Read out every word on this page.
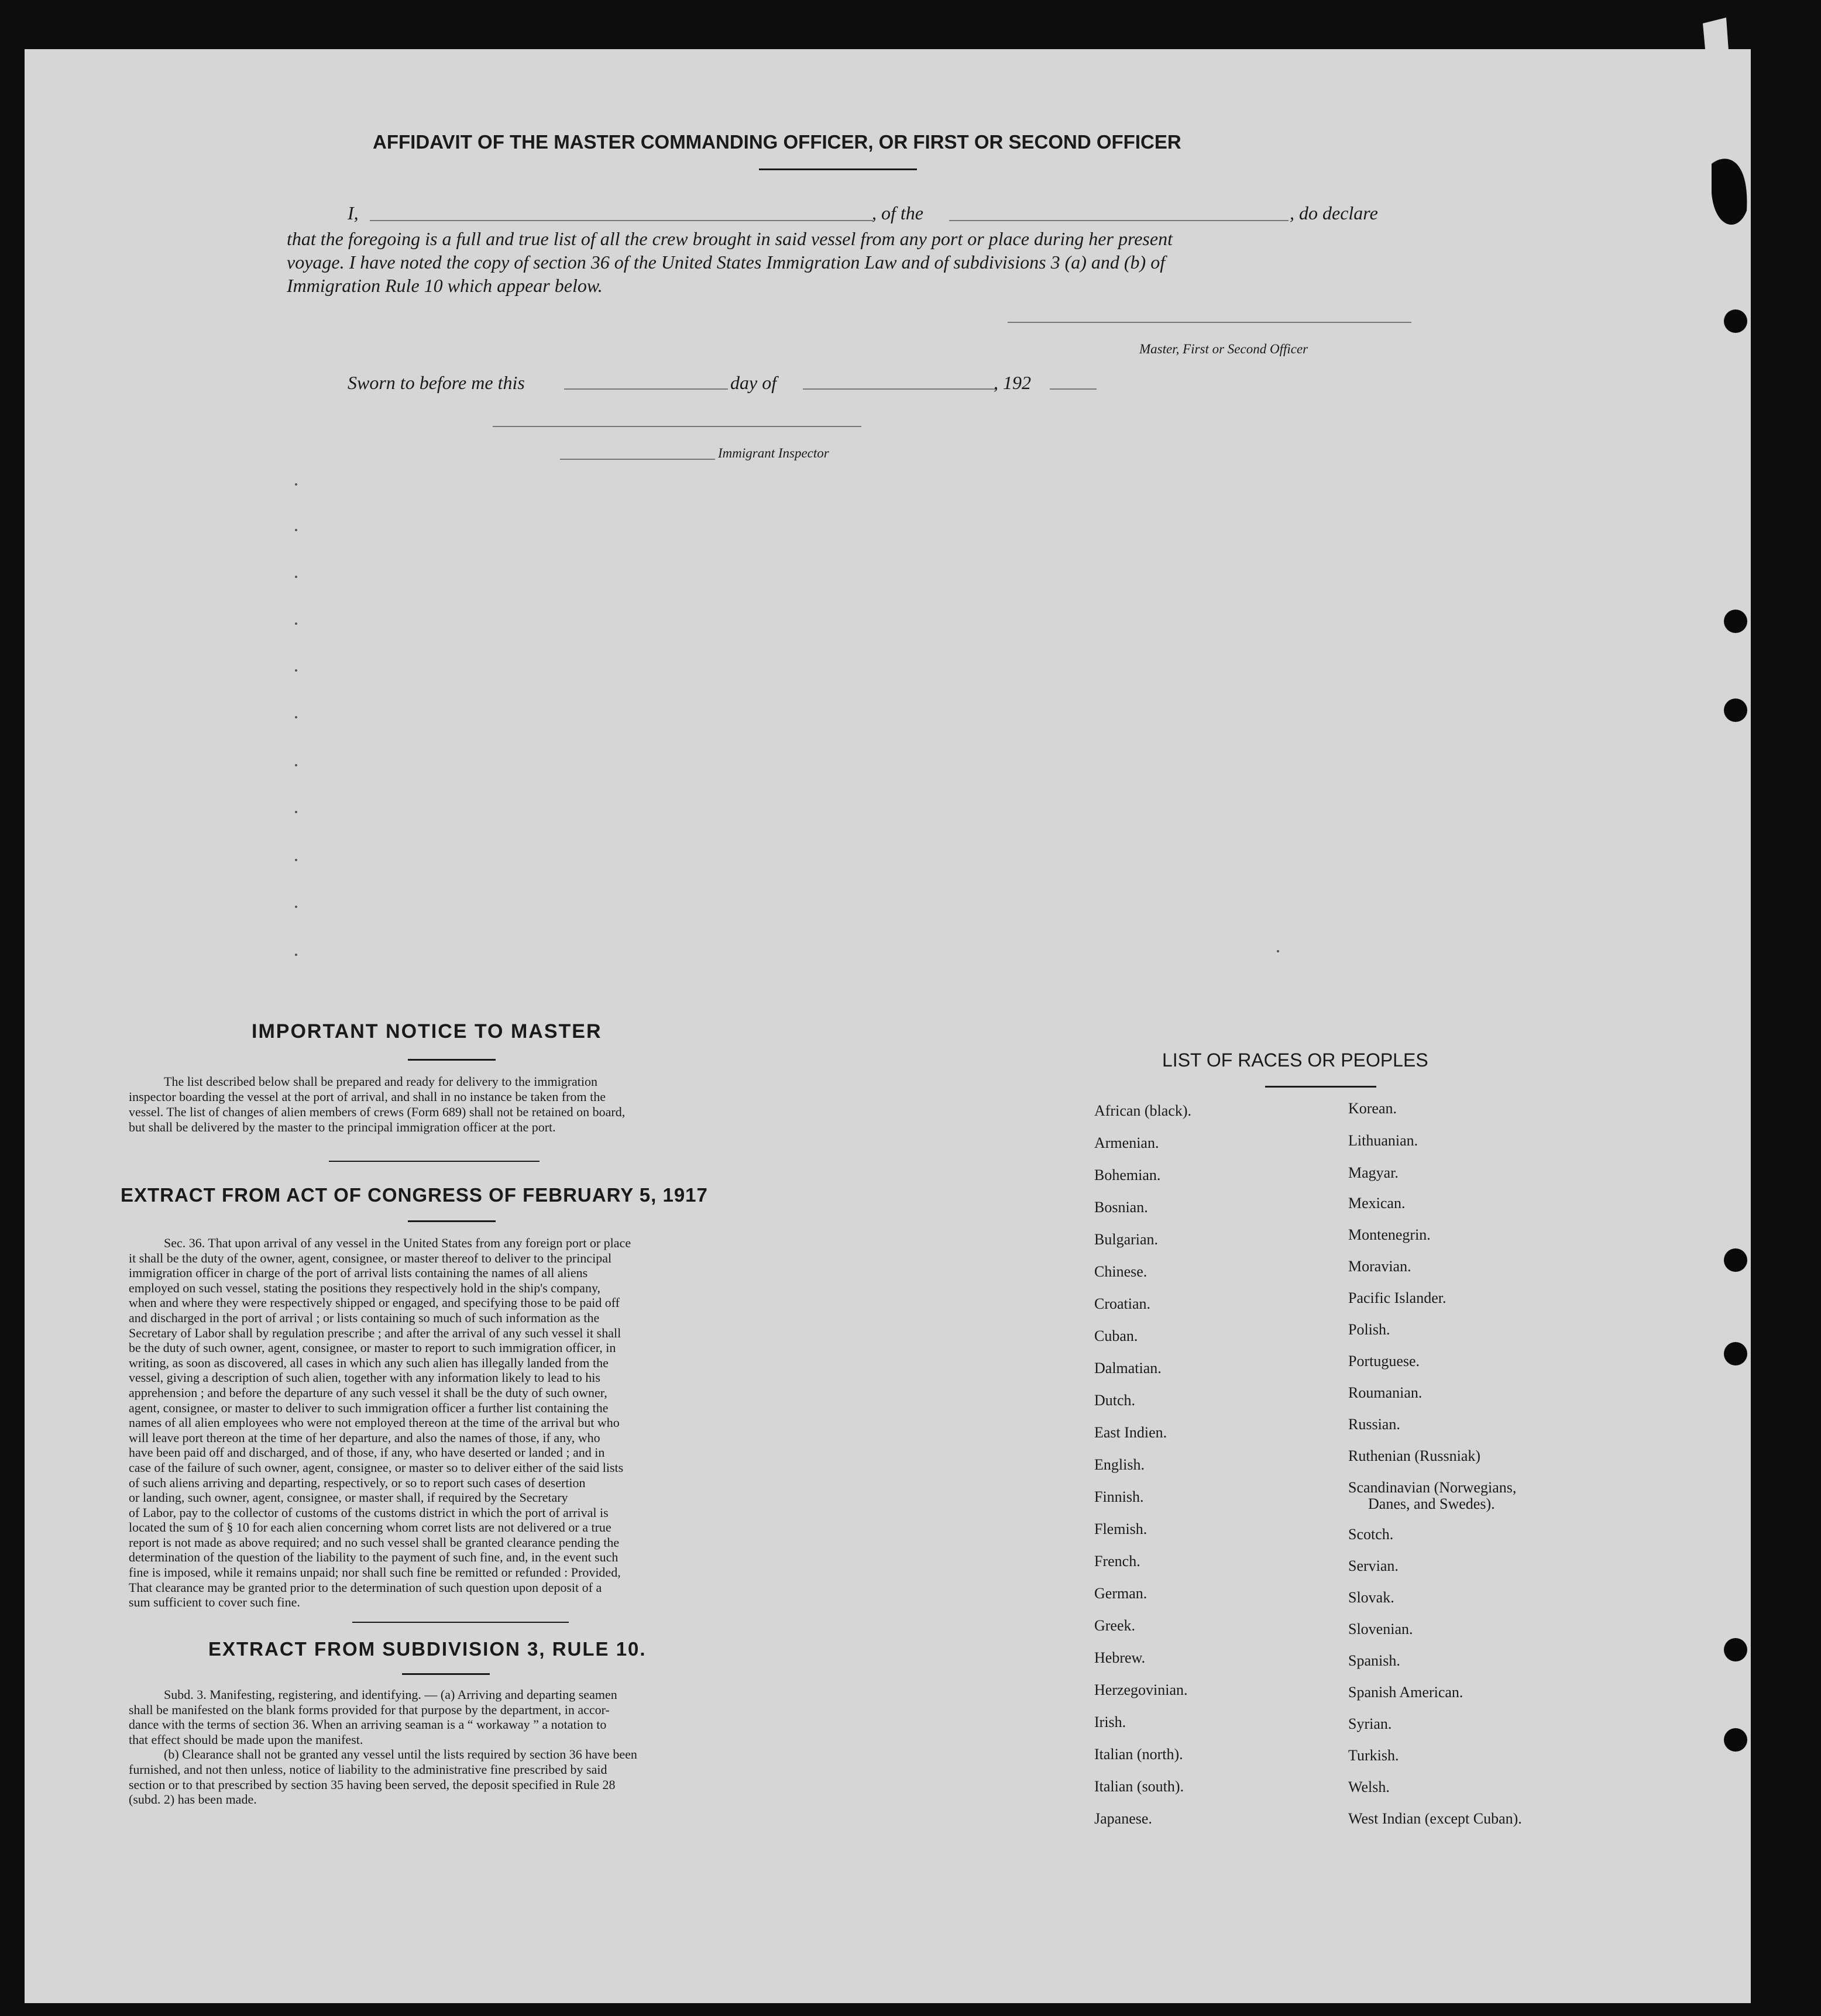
AFFIDAVIT OF THE MASTER COMMANDING OFFICER, OR FIRST OR SECOND OFFICER
I,	, of the	, do declare
that the foregoing is a full and true list of all the crew brought in said vessel from any port or place during her present
voyage. I have noted the copy of section 36 of the United States Immigration Law and of subdivisions 3 (a) and (b) of
Immigration Rule 10 which appear below.
Master, First or Second Officer
Sworn to before me this	day of	, 192
Immigrant Inspector
IMPORTANT NOTICE TO MASTER
The list described below shall be prepared and ready for delivery to the immigration
inspector boarding the vessel at the port of arrival, and shall in no instance be taken from the
vessel. The list of changes of alien members of crews (Form 689) shall not be retained on board,
but shall be delivered by the master to the principal immigration officer at the port.
EXTRACT FROM ACT OF CONGRESS OF FEBRUARY 5, 1917
Sec. 36. That upon arrival of any vessel in the United States from any foreign port or place
it shall be the duty of the owner, agent, consignee, or master thereof to deliver to the principal
immigration officer in charge of the port of arrival lists containing the names of all aliens
employed on such vessel, stating the positions they respectively hold in the ship's company,
when and where they were respectively shipped or engaged, and specifying those to be paid off
and discharged in the port of arrival ; or lists containing so much of such information as the
Secretary of Labor shall by regulation prescribe ; and after the arrival of any such vessel it shall
be the duty of such owner, agent, consignee, or master to report to such immigration officer, in
writing, as soon as discovered, all cases in which any such alien has illegally landed from the
vessel, giving a description of such alien, together with any information likely to lead to his
apprehension ; and before the departure of any such vessel it shall be the duty of such owner,
agent, consignee, or master to deliver to such immigration officer a further list containing the
names of all alien employees who were not employed thereon at the time of the arrival but who
will leave port thereon at the time of her departure, and also the names of those, if any, who
have been paid off and discharged, and of those, if any, who have deserted or landed ; and in
case of the failure of such owner, agent, consignee, or master so to deliver either of the said lists
of such aliens arriving and departing, respectively, or so to report such cases of desertion
or landing, such owner, agent, consignee, or master shall, if required by the Secretary
of Labor, pay to the collector of customs of the customs district in which the port of arrival is
located the sum of § 10 for each alien concerning whom corret lists are not delivered or a true
report is not made as above required; and no such vessel shall be granted clearance pending the
determination of the question of the liability to the payment of such fine, and, in the event such
fine is imposed, while it remains unpaid; nor shall such fine be remitted or refunded : Provided,
That clearance may be granted prior to the determination of such question upon deposit of a
sum sufficient to cover such fine.
EXTRACT FROM SUBDIVISION 3, RULE 10.
Subd. 3. Manifesting, registering, and identifying. — (a) Arriving and departing seamen
shall be manifested on the blank forms provided for that purpose by the department, in accor-
dance with the terms of section 36. When an arriving seaman is a “ workaway ” a notation to
that effect should be made upon the manifest.
(b) Clearance shall not be granted any vessel until the lists required by section 36 have been
furnished, and not then unless, notice of liability to the administrative fine prescribed by said
section or to that prescribed by section 35 having been served, the deposit specified in Rule 28
(subd. 2) has been made.
LIST OF RACES OR PEOPLES
African (black).
Armenian.
Bohemian.
Bosnian.
Bulgarian.
Chinese.
Croatian.
Cuban.
Dalmatian.
Dutch.
East Indien.
English.
Finnish.
Flemish.
French.
German.
Greek.
Hebrew.
Herzegovinian.
Irish.
Italian (north).
Italian (south).
Japanese.
Korean.
Lithuanian.
Magyar.
Mexican.
Montenegrin.
Moravian.
Pacific Islander.
Polish.
Portuguese.
Roumanian.
Russian.
Ruthenian (Russniak)
Scandinavian (Norwegians,
Danes, and Swedes).
Scotch.
Servian.
Slovak.
Slovenian.
Spanish.
Spanish American.
Syrian.
Turkish.
Welsh.
West Indian (except Cuban).
